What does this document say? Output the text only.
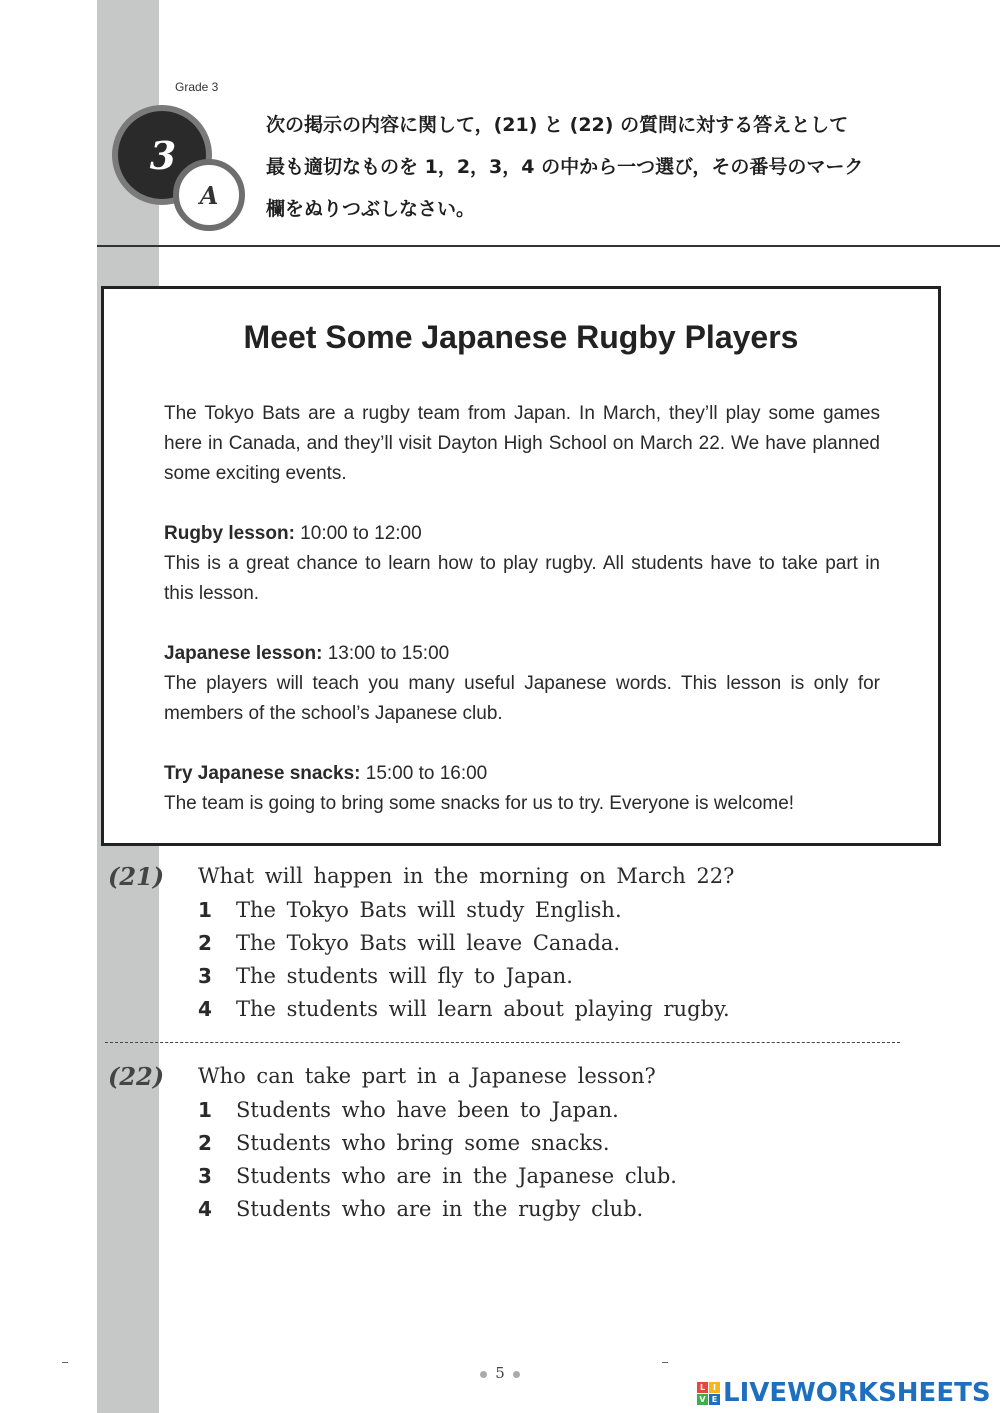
Grade 3
3
A
次の掲示の内容に関して，(21) と (22) の質問に対する答えとして
最も適切なものを 1，2，3，4 の中から一つ選び，その番号のマーク
欄をぬりつぶしなさい。
Meet Some Japanese Rugby Players

The Tokyo Bats are a rugby team from Japan. In March, they’ll play some games here in Canada, and they’ll visit Dayton High School on March 22. We have planned some exciting events.

Rugby lesson: 10:00 to 12:00
This is a great chance to learn how to play rugby. All students have to take part in this lesson.

Japanese lesson: 13:00 to 15:00
The players will teach you many useful Japanese words. This lesson is only for members of the school’s Japanese club.

Try Japanese snacks: 15:00 to 16:00
The team is going to bring some snacks for us to try. Everyone is welcome!

(21) What will happen in the morning on March 22?
1 The Tokyo Bats will study English.
2 The Tokyo Bats will leave Canada.
3 The students will fly to Japan.
4 The students will learn about playing rugby.
(22) Who can take part in a Japanese lesson?
1 Students who have been to Japan.
2 Students who bring some snacks.
3 Students who are in the Japanese club.
4 Students who are in the rugby club.
5
L I
V E LIVEWORKSHEETS
